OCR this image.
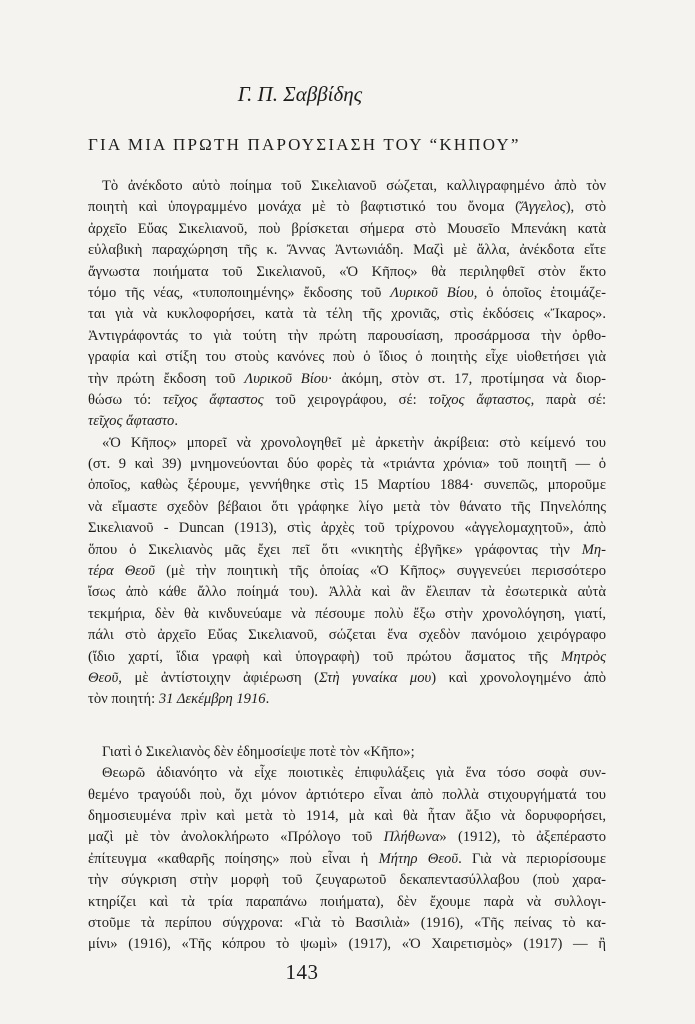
Γ. Π. Σαββίδης
ΓΙΑ ΜΙΑ ΠΡΩΤΗ ΠΑΡΟΥΣΙΑΣΗ ΤΟΥ “ΚΗΠΟΥ”
Τὸ ἀνέκδοτο αὐτὸ ποίημα τοῦ Σικελιανοῦ σώζεται, καλλιγραφημένο ἀπὸ τὸν
ποιητὴ καὶ ὑπογραμμένο μονάχα μὲ τὸ βαφτιστικό του ὄνομα (Ἄγγελος), στὸ
ἀρχεῖο Εὔας Σικελιανοῦ, ποὺ βρίσκεται σήμερα στὸ Μουσεῖο Μπενάκη κατὰ
εὐλαβικὴ παραχώρηση τῆς κ. Ἄννας Ἀντωνιάδη. Μαζὶ μὲ ἄλλα, ἀνέκδοτα εἴτε
ἄγνωστα ποιήματα τοῦ Σικελιανοῦ, «Ὁ Κῆπος» θὰ περιληφθεῖ στὸν ἕκτο
τόμο τῆς νέας, «τυποποιημένης» ἔκδοσης τοῦ Λυρικοῦ Βίου, ὁ ὁποῖος ἑτοιμάζε-
ται γιὰ νὰ κυκλοφορήσει, κατὰ τὰ τέλη τῆς χρονιᾶς, στὶς ἐκδόσεις «Ἴκαρος».
Ἀντιγράφοντάς το γιὰ τούτη τὴν πρώτη παρουσίαση, προσάρμοσα τὴν ὀρθο-
γραφία καὶ στίξη του στοὺς κανόνες ποὺ ὁ ἴδιος ὁ ποιητὴς εἶχε υἱοθετήσει γιὰ
τὴν πρώτη ἔκδοση τοῦ Λυρικοῦ Βίου· ἀκόμη, στὸν στ. 17, προτίμησα νὰ διορ-
θώσω τό: τεῖχος ἄφταστος τοῦ χειρογράφου, σέ: τοῖχος ἄφταστος, παρὰ σέ:
τεῖχος ἄφταστο.
«Ὁ Κῆπος» μπορεῖ νὰ χρονολογηθεῖ μὲ ἀρκετὴν ἀκρίβεια: στὸ κείμενό του
(στ. 9 καὶ 39) μνημονεύονται δύο φορὲς τὰ «τριάντα χρόνια» τοῦ ποιητῆ — ὁ
ὁποῖος, καθὼς ξέρουμε, γεννήθηκε στὶς 15 Μαρτίου 1884· συνεπῶς, μποροῦμε
νὰ εἴμαστε σχεδὸν βέβαιοι ὅτι γράφηκε λίγο μετὰ τὸν θάνατο τῆς Πηνελόπης
Σικελιανοῦ - Duncan (1913), στὶς ἀρχὲς τοῦ τρίχρονου «ἀγγελομαχητοῦ», ἀπὸ
ὅπου ὁ Σικελιανὸς μᾶς ἔχει πεῖ ὅτι «νικητὴς ἐβγῆκε» γράφοντας τὴν Μη-
τέρα Θεοῦ (μὲ τὴν ποιητικὴ τῆς ὁποίας «Ὁ Κῆπος» συγγενεύει περισσότερο
ἴσως ἀπὸ κάθε ἄλλο ποίημά του). Ἀλλὰ καὶ ἂν ἔλειπαν τὰ ἐσωτερικὰ αὐτὰ
τεκμήρια, δὲν θὰ κινδυνεύαμε νὰ πέσουμε πολὺ ἔξω στὴν χρονολόγηση, γιατί,
πάλι στὸ ἀρχεῖο Εὔας Σικελιανοῦ, σώζεται ἕνα σχεδὸν πανόμοιο χειρόγραφο
(ἴδιο χαρτί, ἴδια γραφὴ καὶ ὑπογραφὴ) τοῦ πρώτου ἄσματος τῆς Μητρὸς
Θεοῦ, μὲ ἀντίστοιχην ἀφιέρωση (Στὴ γυναίκα μου) καὶ χρονολογημένο ἀπὸ
τὸν ποιητή: 31 Δεκέμβρη 1916.
Γιατὶ ὁ Σικελιανὸς δὲν ἐδημοσίεψε ποτὲ τὸν «Κῆπο»;
Θεωρῶ ἀδιανόητο νὰ εἶχε ποιοτικὲς ἐπιφυλάξεις γιὰ ἕνα τόσο σοφὰ συν-
θεμένο τραγούδι ποὺ, ὄχι μόνον ἀρτιότερο εἶναι ἀπὸ πολλὰ στιχουργήματά του
δημοσιευμένα πρὶν καὶ μετὰ τὸ 1914, μὰ καὶ θὰ ἦταν ἄξιο νὰ δορυφορήσει,
μαζὶ μὲ τὸν ἀνολοκλήρωτο «Πρόλογο τοῦ Πλήθωνα» (1912), τὸ ἀξεπέραστο
ἐπίτευγμα «καθαρῆς ποίησης» ποὺ εἶναι ἡ Μήτηρ Θεοῦ. Γιὰ νὰ περιορίσουμε
τὴν σύγκριση στὴν μορφὴ τοῦ ζευγαρωτοῦ δεκαπεντασύλλαβου (ποὺ χαρα-
κτηρίζει καὶ τὰ τρία παραπάνω ποιήματα), δὲν ἔχουμε παρὰ νὰ συλλογι-
στοῦμε τὰ περίπου σύγχρονα: «Γιὰ τὸ Βασιλιὰ» (1916), «Τῆς πείνας τὸ κα-
μίνι» (1916), «Τῆς κόπρου τὸ ψωμὶ» (1917), «Ὁ Χαιρετισμὸς» (1917) — ἢ
143
